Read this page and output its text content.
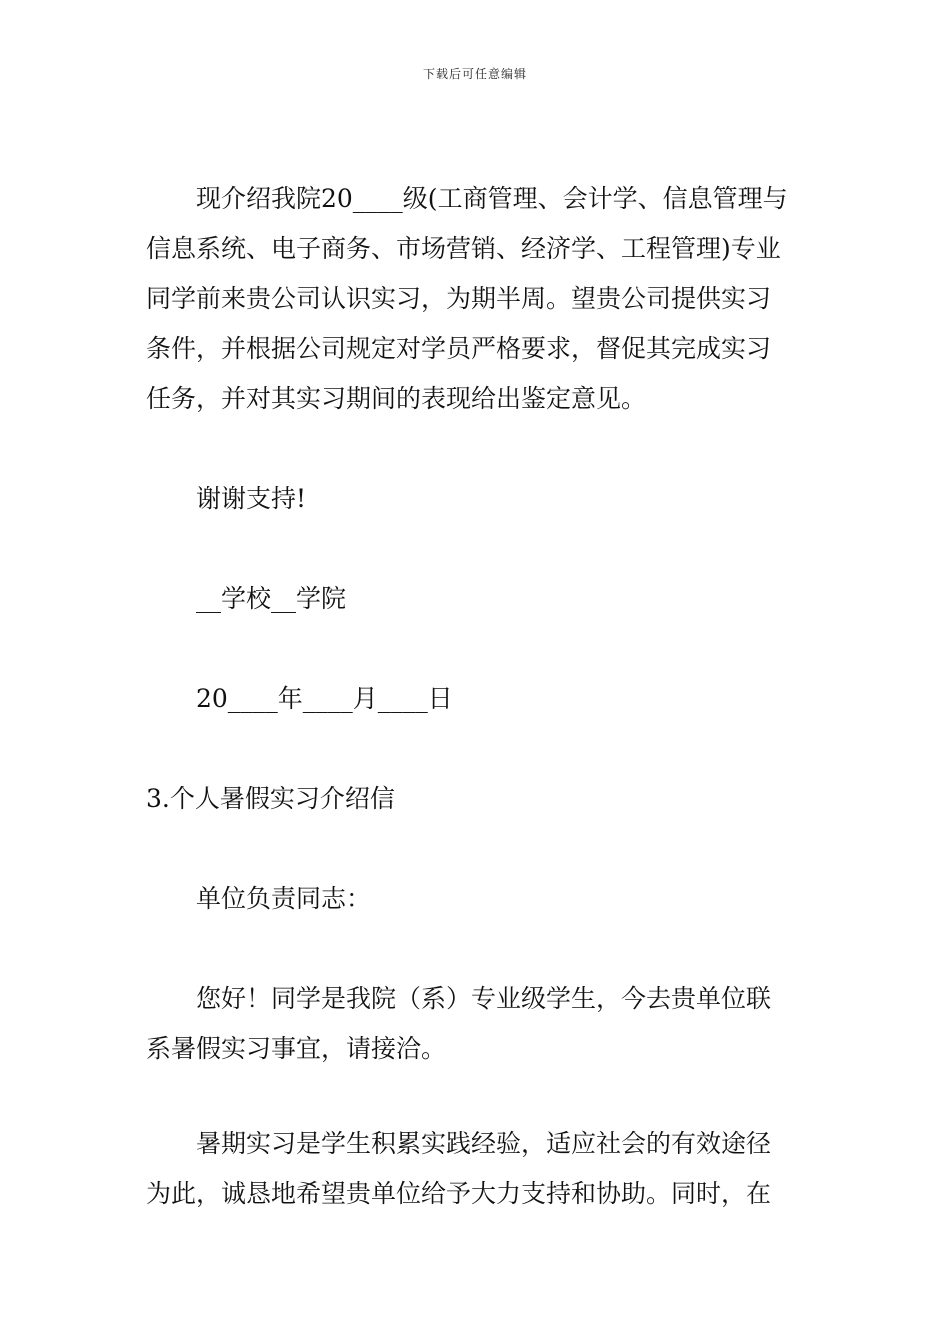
下载后可任意编辑
现介绍我院20____级(工商管理、会计学、信息管理与
信息系统、电子商务、市场营销、经济学、工程管理)专业
同学前来贵公司认识实习，为期半周。望贵公司提供实习
条件，并根据公司规定对学员严格要求，督促其完成实习
任务，并对其实习期间的表现给出鉴定意见。
谢谢支持!
__学校__学院
20____年____月____日
3.个人暑假实习介绍信
单位负责同志：
您好！同学是我院（系）专业级学生，今去贵单位联
系暑假实习事宜，请接洽。
暑期实习是学生积累实践经验，适应社会的有效途径
为此，诚恳地希望贵单位给予大力支持和协助。同时，在
